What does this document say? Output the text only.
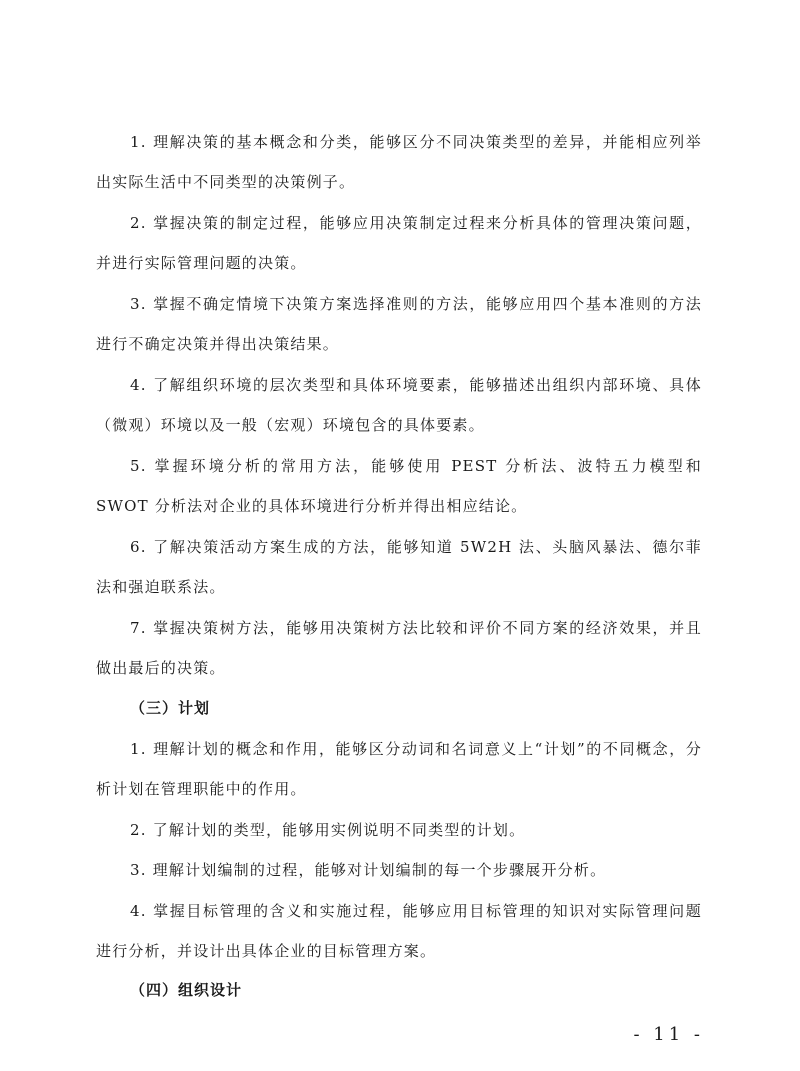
1. 理解决策的基本概念和分类，能够区分不同决策类型的差异，并能相应列举出实际生活中不同类型的决策例子。

2. 掌握决策的制定过程，能够应用决策制定过程来分析具体的管理决策问题，并进行实际管理问题的决策。

3. 掌握不确定情境下决策方案选择准则的方法，能够应用四个基本准则的方法进行不确定决策并得出决策结果。

4. 了解组织环境的层次类型和具体环境要素，能够描述出组织内部环境、具体（微观）环境以及一般（宏观）环境包含的具体要素。

5. 掌握环境分析的常用方法，能够使用 PEST 分析法、波特五力模型和 SWOT 分析法对企业的具体环境进行分析并得出相应结论。

6. 了解决策活动方案生成的方法，能够知道 5W2H 法、头脑风暴法、德尔菲法和强迫联系法。

7. 掌握决策树方法，能够用决策树方法比较和评价不同方案的经济效果，并且做出最后的决策。

（三）计划

1. 理解计划的概念和作用，能够区分动词和名词意义上“计划”的不同概念，分析计划在管理职能中的作用。

2. 了解计划的类型，能够用实例说明不同类型的计划。

3. 理解计划编制的过程，能够对计划编制的每一个步骤展开分析。

4. 掌握目标管理的含义和实施过程，能够应用目标管理的知识对实际管理问题进行分析，并设计出具体企业的目标管理方案。

（四）组织设计

- 11 -
